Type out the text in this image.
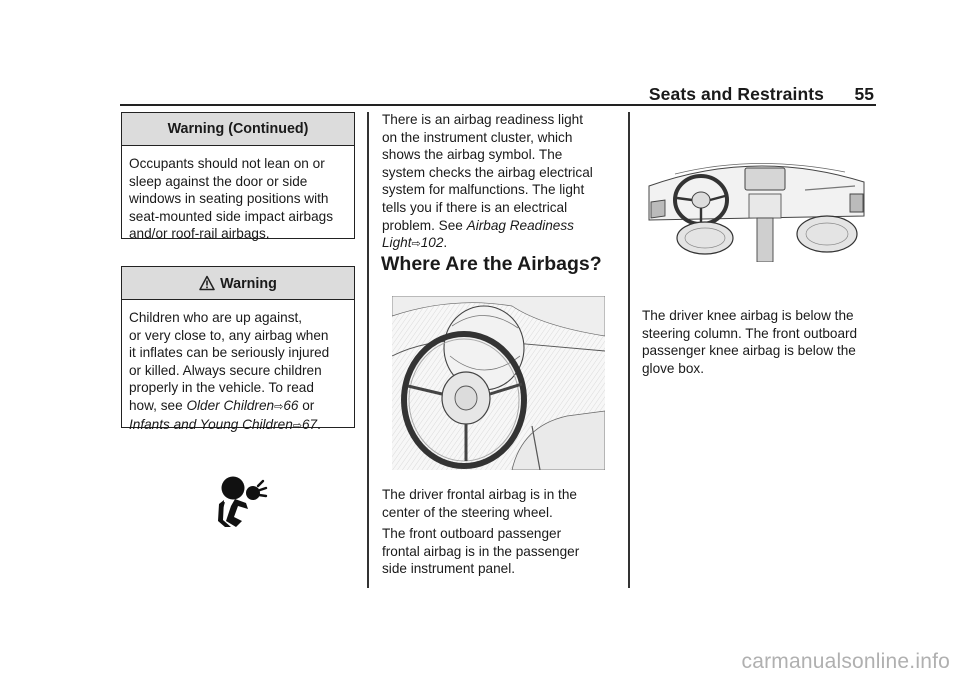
Seats and Restraints 55
Warning (Continued)
Occupants should not lean on or
sleep against the door or side
windows in seating positions with
seat-mounted side impact airbags
and/or roof-rail airbags.
Warning
Children who are up against,
or very close to, any airbag when
it inflates can be seriously injured
or killed. Always secure children
properly in the vehicle. To read
how, see Older Children⇨66 or
Infants and Young Children⇨67.
There is an airbag readiness light
on the instrument cluster, which
shows the airbag symbol. The
system checks the airbag electrical
system for malfunctions. The light
tells you if there is an electrical
problem. See Airbag Readiness
Light⇨102.
Where Are the Airbags?
The driver frontal airbag is in the
center of the steering wheel.
The front outboard passenger
frontal airbag is in the passenger
side instrument panel.
The driver knee airbag is below the
steering column. The front outboard
passenger knee airbag is below the
glove box.
carmanualsonline.info
